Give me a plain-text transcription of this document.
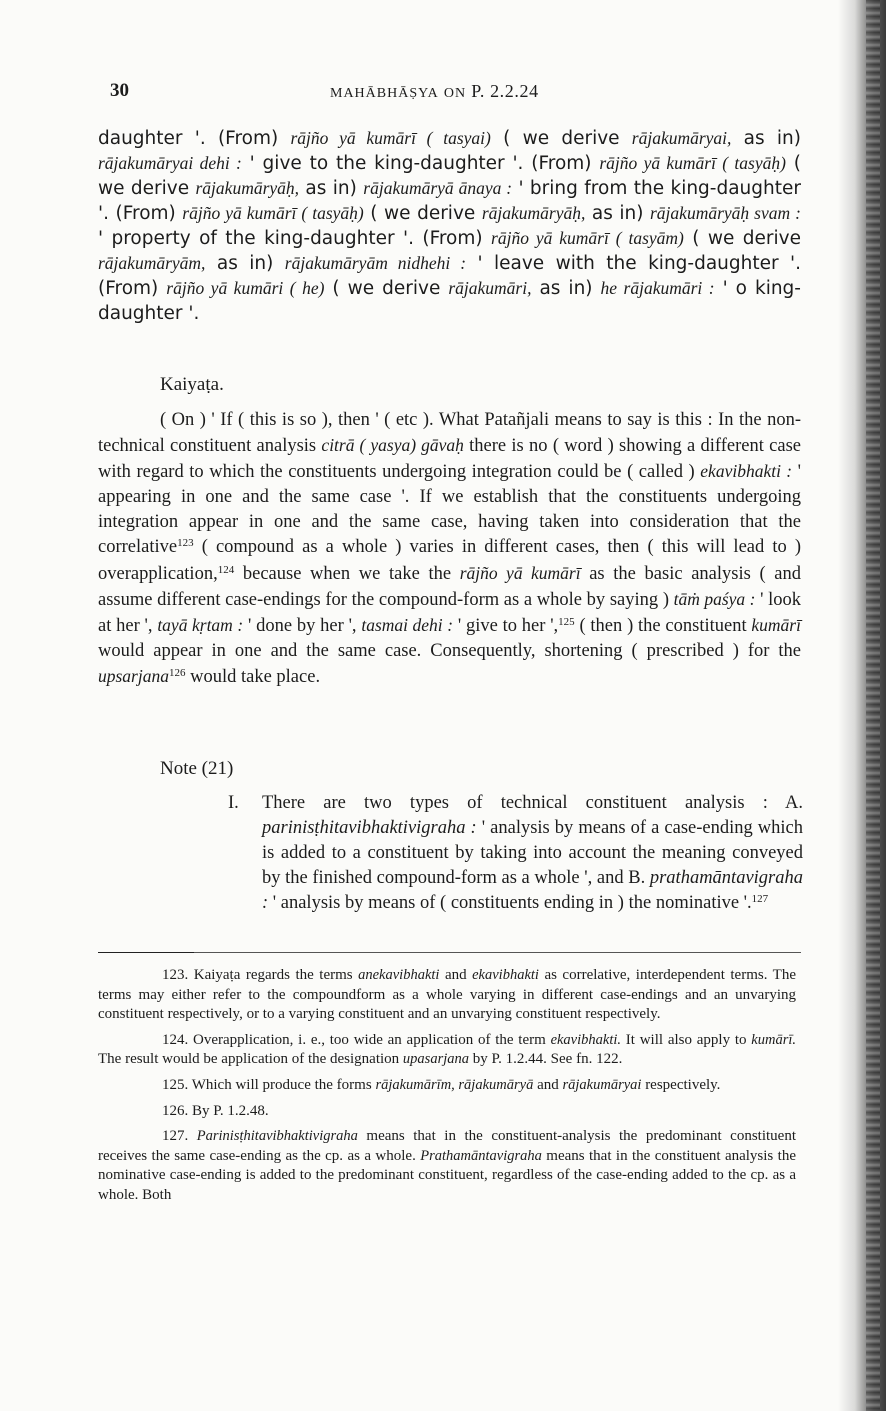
30	MAHĀBHĀṢYA ON P. 2.2.24
daughter '. (From) rājño yā kumārī ( tasyai) ( we derive rājakumāryai, as in) rājakumāryai dehi : ' give to the king-daughter '. (From) rājño yā kumārī ( tasyāḥ) ( we derive rājakumāryāḥ, as in) rājakumāryā ānaya : ' bring from the king-daughter '. (From) rājño yā kumārī ( tasyāḥ) ( we derive rājakumāryāḥ, as in) rājakumāryāḥ svam : ' property of the king-daughter '. (From) rājño yā kumārī ( tasyām) ( we derive rājakumāryām, as in) rājakumāryām nidhehi : ' leave with the king-daughter '. (From) rājño yā kumāri ( he) ( we derive rājakumāri, as in) he rājakumāri : ' o king-daughter '.
Kaiyaṭa.

( On ) ' If ( this is so ), then ' ( etc ). What Patañjali means to say is this : In the non-technical constituent analysis citrā ( yasya) gāvaḥ there is no ( word ) showing a different case with regard to which the constituents undergoing integration could be ( called ) ekavibhakti : ' appearing in one and the same case '. If we establish that the constituents undergoing integration appear in one and the same case, having taken into consideration that the correlative$^{123}$ ( compound as a whole ) varies in different cases, then ( this will lead to ) overapplication,$^{124}$ because when we take the rājño yā kumārī as the basic analysis ( and assume different case-endings for the compound-form as a whole by saying ) tāṁ paśya : ' look at her ', tayā kṛtam : ' done by her ', tasmai dehi : ' give to her ',$^{125}$ ( then ) the constituent kumārī would appear in one and the same case. Consequently, shortening ( prescribed ) for the upsarjana$^{126}$ would take place.

Note (21)
I. There are two types of technical constituent analysis : A. parinisṭhitavibhaktivigraha : ' analysis by means of a case-ending which is added to a constituent by taking into account the meaning conveyed by the finished compound-form as a whole ', and B. prathamāntavigraha : ' analysis by means of ( constituents ending in ) the nominative '.$^{127}$

123. Kaiyaṭa regards the terms anekavibhakti and ekavibhakti as correlative, interdependent terms. The terms may either refer to the compoundform as a whole varying in different case-endings and an unvarying constituent respectively, or to a varying constituent and an unvarying constituent respectively.

124. Overapplication, i. e., too wide an application of the term ekavibhakti. It will also apply to kumārī. The result would be application of the designation upasarjana by P. 1.2.44. See fn. 122.

125. Which will produce the forms rājakumārīm, rājakumāryā and rājakumāryai respectively.

126. By P. 1.2.48.

127. Parinisṭhitavibhaktivigraha means that in the constituent-analysis the predominant constituent receives the same case-ending as the cp. as a whole. Prathamāntavigraha means that in the constituent analysis the nominative case-ending is added to the predominant constituent, regardless of the case-ending added to the cp. as a whole. Both
